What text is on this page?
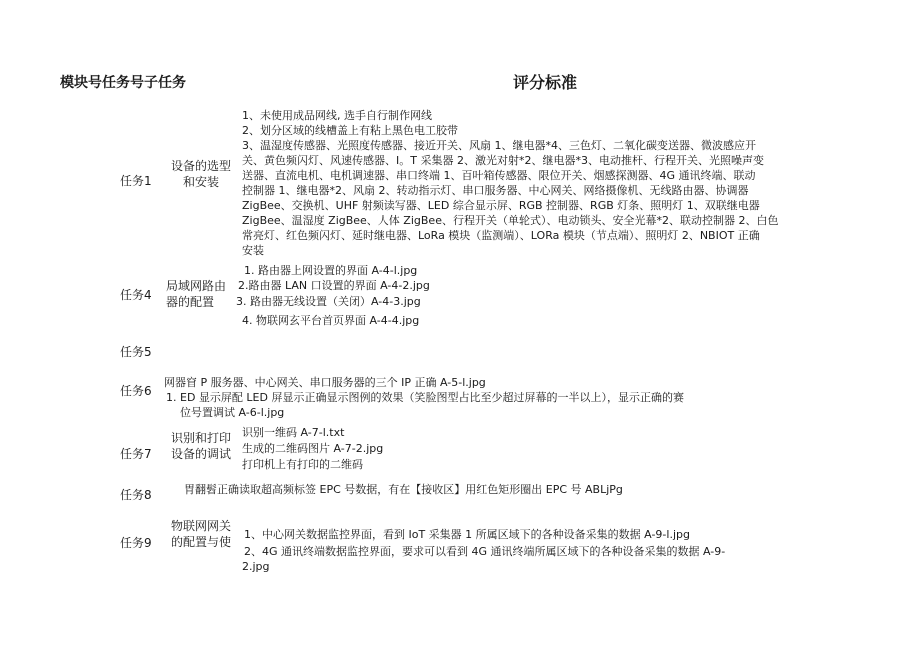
模块号任务号子任务	评分标准
任务1
设备的选型
和安装
1、未使用成品网线, 选手自行制作网线
2、划分区域的线槽盖上有粘上黑色电工胶带
3、温湿度传感器、光照度传感器、接近开关、风扇 1、继电器*4、三色灯、二氧化碳变送器、微波感应开
关、黄色频闪灯、风速传感器、I。T 采集器 2、激光对射*2、继电器*3、电动推杆、行程开关、光照噪声变
送器、直流电机、电机调速器、串口终端 1、百叶箱传感器、限位开关、烟感探测器、4G 通讯终端、联动
控制器 1、继电器*2、风扇 2、转动指示灯、串口服务器、中心网关、网络摄像机、无线路由器、协调器
ZigBee、交换机、UHF 射频读写器、LED 综合显示屏、RGB 控制器、RGB 灯条、照明灯 1、双联继电器
ZigBee、温湿度 ZigBee、人体 ZigBee、行程开关（单轮式）、电动锁头、安全光幕*2、联动控制器 2、白色
常亮灯、红色频闪灯、延时继电器、LoRa 模块（监测端）、LORa 模块（节点端）、照明灯 2、NBIOT 正确
安装
任务4
局域网路由
器的配置
1. 路由器上网设置的界面 A-4-l.jpg
2.路由器 LAN 口设置的界面 A-4-2.jpg
3. 路由器无线设置（关闭）A-4-3.jpg
4. 物联网玄平台首页界面 A-4-4.jpg
任务5
任务6
网器窅 P 服务器、中心网关、串口服务器的三个 IP 正确 A-5-l.jpg
1. ED 显示屏配 LED 屏显示正确显示图例的效果（笑脸图型占比至少超过屏幕的一半以上），显示正确的赛
位号置调试 A-6-l.jpg
任务7
识别和打印
设备的调试
识别一维码 A-7-l.txt
生成的二维码图片 A-7-2.jpg
打印机上有打印的二维码
任务8	胃翻髫正确读取超高频标签 EPC 号数据，有在【接收区】用红色矩形圈出 EPC 号 ABLjPg
任务9
物联网网关
的配置与使
1、中心网关数据监控界面，看到 IoT 采集器 1 所属区域下的各种设备采集的数据 A-9-l.jpg
2、4G 通讯终端数据监控界面，要求可以看到 4G 通讯终端所属区域下的各种设备采集的数据 A-9-
2.jpg
